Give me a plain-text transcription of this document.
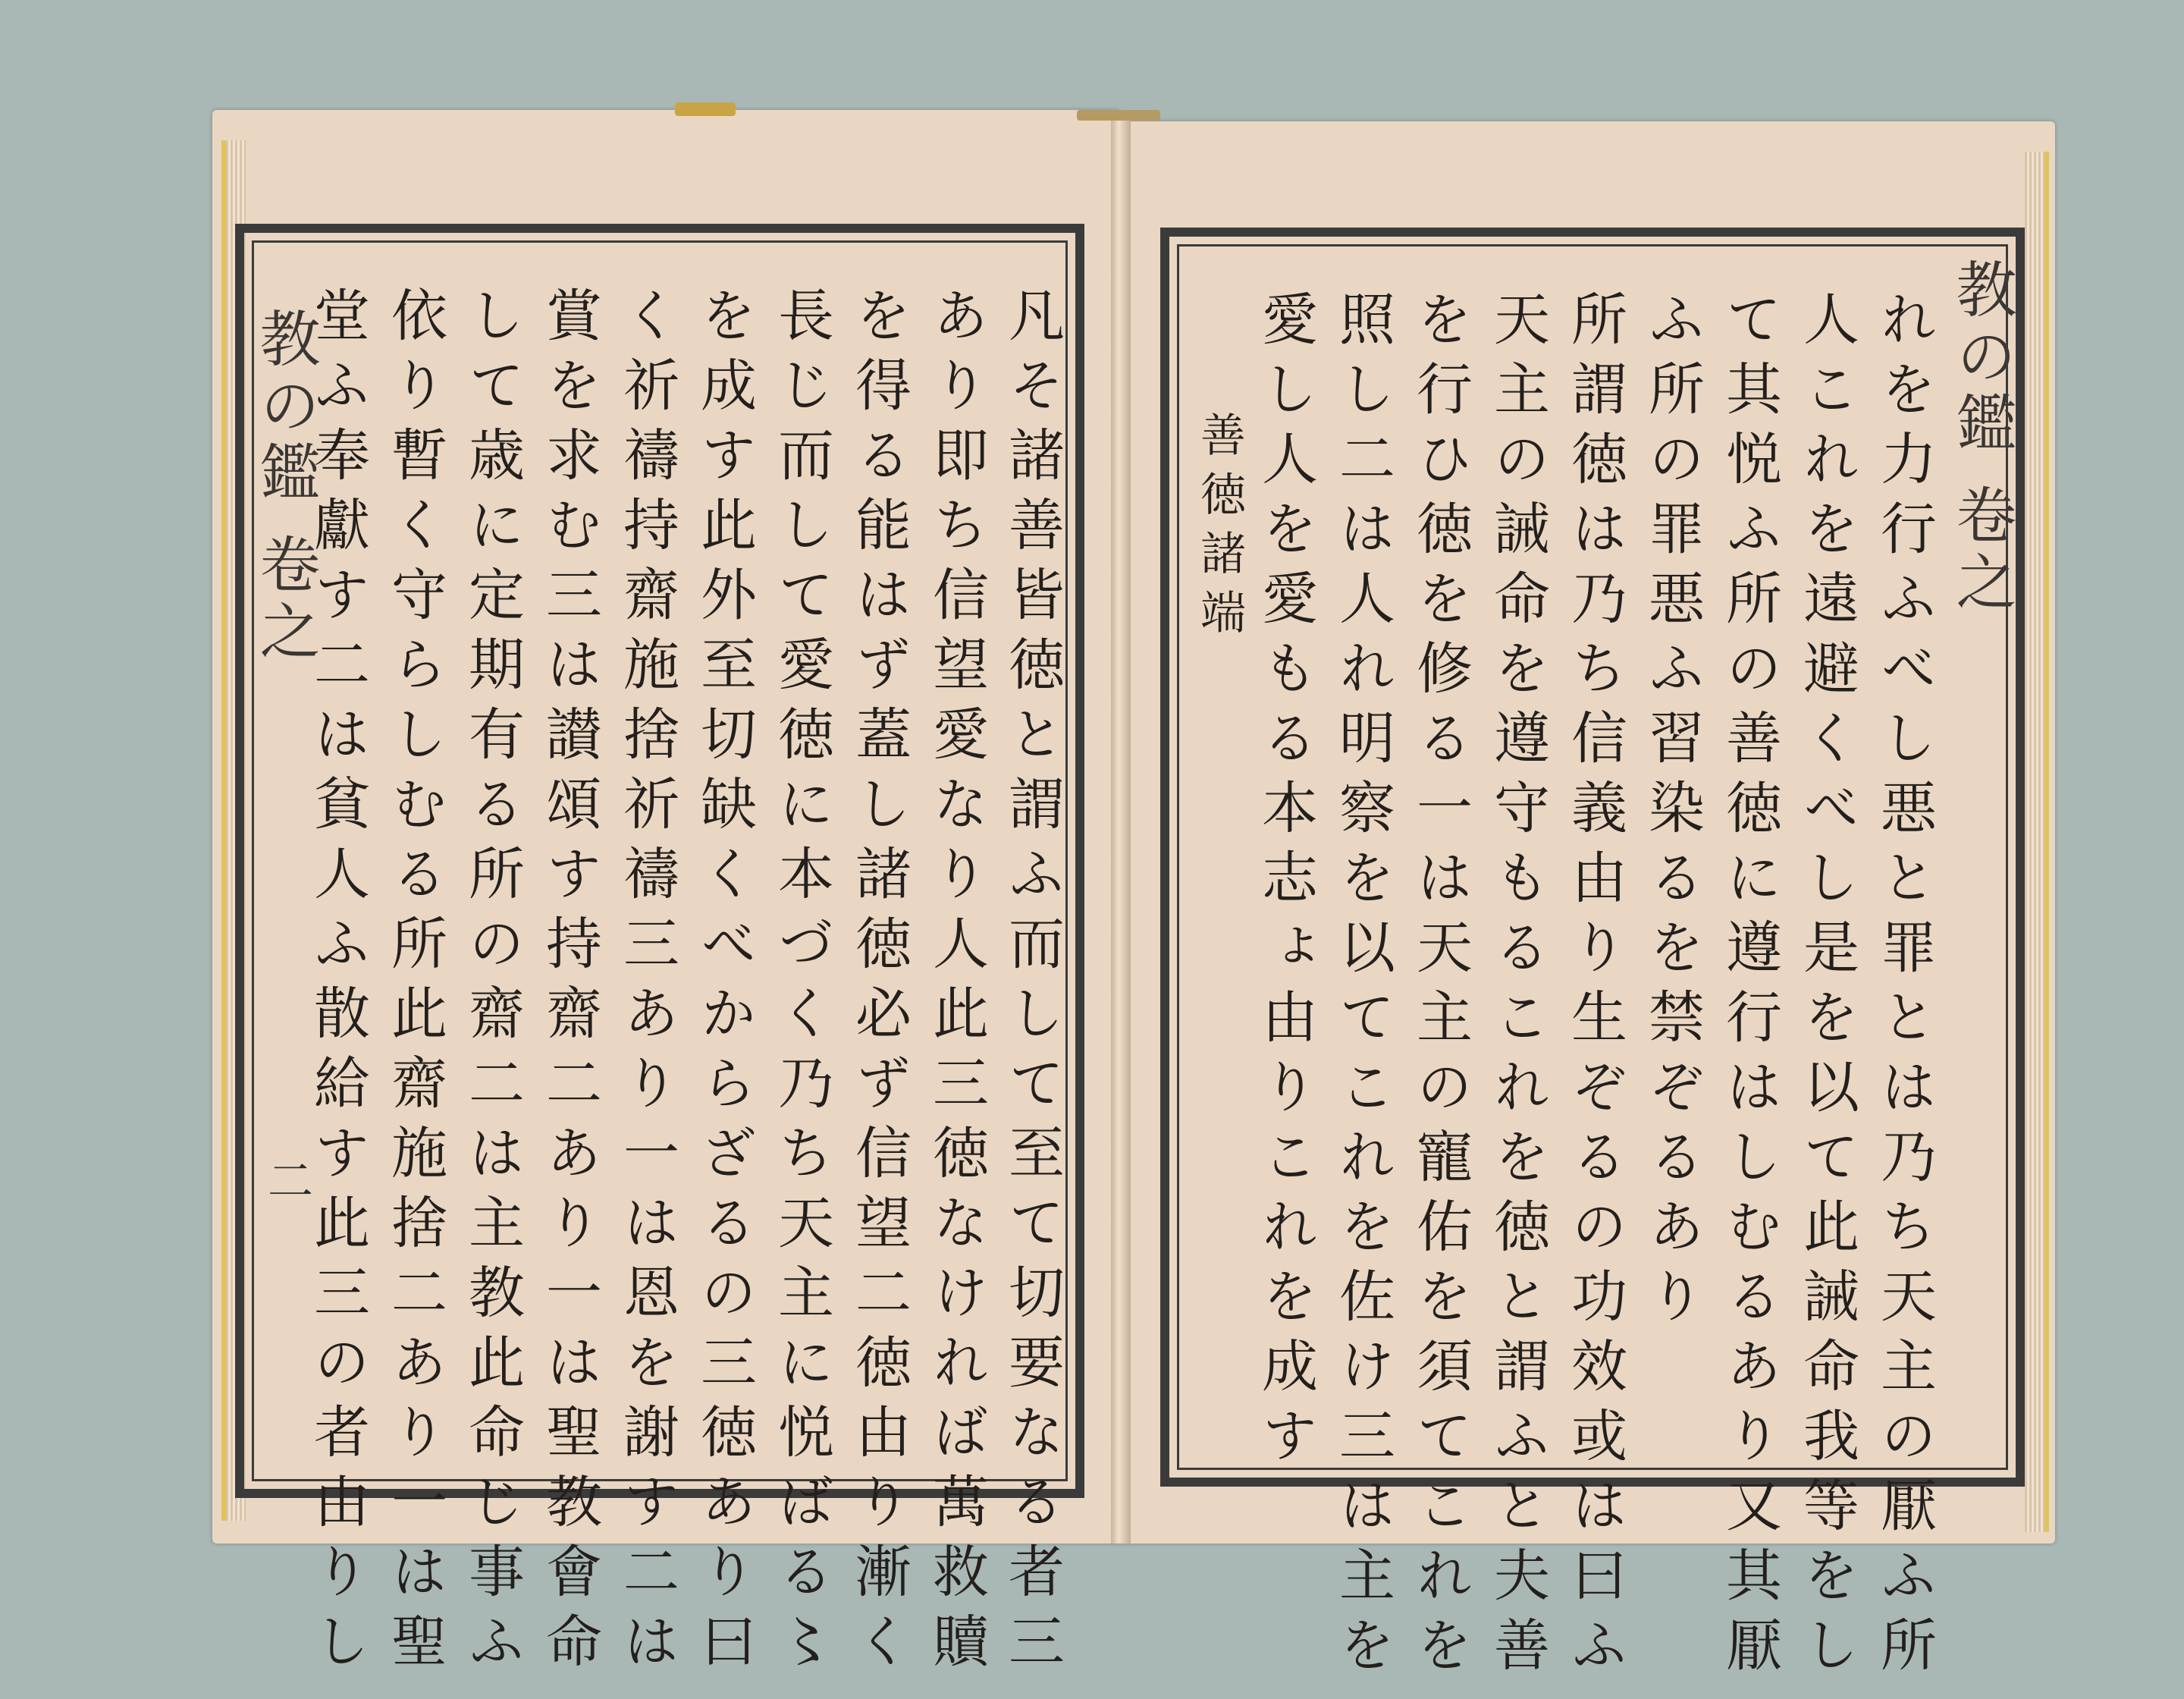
教の鑑 卷之
二	凡そ諸善皆徳と謂ふ而して至て切要なる者三
あり即ち信望愛なり人此三徳なければ萬救贖
を得る能はず蓋し諸徳必ず信望二徳由り漸く
長じ而して愛徳に本づく乃ち天主に悦ばる〻
を成す此外至切缺くべからざるの三徳あり曰
く祈禱持齋施捨祈禱三あり一は恩を謝す二は
賞を求む三は讃頌す持齋二あり一は聖教會命
して歳に定期有る所の齋二は主教此命じ事ふ
依り暫く守らしむる所此齋施捨二あり一は聖
堂ふ奉獻す二は貧人ふ散給す此三の者由りし	教の鑑 卷之
れを力行ふべし悪と罪とは乃ち天主の厭ふ所
人これを遠避くべし是を以て此誡命我等をし
て其悦ふ所の善徳に遵行はしむるあり又其厭
ふ所の罪悪ふ習染るを禁ぞるあり
所謂徳は乃ち信義由り生ぞるの功效或は曰ふ
天主の誡命を遵守もるこれを徳と謂ふと夫善
を行ひ徳を修る一は天主の寵佑を須てこれを
照し二は人れ明察を以てこれを佐け三は主を
愛し人を愛もる本志ょ由りこれを成す
善徳諸端
